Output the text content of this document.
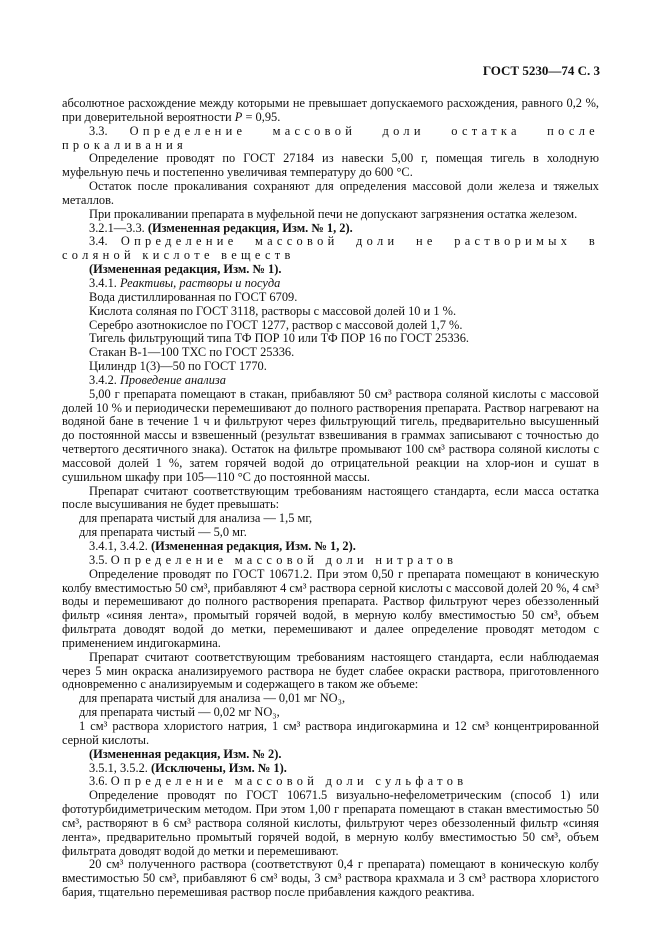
ГОСТ 5230—74 С. 3

абсолютное расхождение между которыми не превышает допускаемого расхождения, равного 0,2 %, при доверительной вероятности P = 0,95.

3.3. Определение массовой доли остатка после прокаливания

Определение проводят по ГОСТ 27184 из навески 5,00 г, помещая тигель в холодную муфельную печь и постепенно увеличивая температуру до 600 °С.

Остаток после прокаливания сохраняют для определения массовой доли железа и тяжелых металлов.

При прокаливании препарата в муфельной печи не допускают загрязнения остатка железом.

3.2.1—3.3. (Измененная редакция, Изм. № 1, 2).

3.4. Определение массовой доли не растворимых в соляной кислоте веществ

(Измененная редакция, Изм. № 1).

3.4.1. Реактивы, растворы и посуда

Вода дистиллированная по ГОСТ 6709.

Кислота соляная по ГОСТ 3118, растворы с массовой долей 10 и 1 %.

Серебро азотнокислое по ГОСТ 1277, раствор с массовой долей 1,7 %.

Тигель фильтрующий типа ТФ ПОР 10 или ТФ ПОР 16 по ГОСТ 25336.

Стакан В-1—100 ТХС по ГОСТ 25336.

Цилиндр 1(3)—50 по ГОСТ 1770.

3.4.2. Проведение анализа

5,00 г препарата помещают в стакан, прибавляют 50 см³ раствора соляной кислоты с массовой долей 10 % и периодически перемешивают до полного растворения препарата. Раствор нагревают на водяной бане в течение 1 ч и фильтруют через фильтрующий тигель, предварительно высушенный до постоянной массы и взвешенный (результат взвешивания в граммах записывают с точностью до четвертого десятичного знака). Остаток на фильтре промывают 100 см³ раствора соляной кислоты с массовой долей 1 %, затем горячей водой до отрицательной реакции на хлор-ион и сушат в сушильном шкафу при 105—110 °С до постоянной массы.

Препарат считают соответствующим требованиям настоящего стандарта, если масса остатка после высушивания не будет превышать:

для препарата чистый для анализа — 1,5 мг,

для препарата чистый — 5,0 мг.

3.4.1, 3.4.2. (Измененная редакция, Изм. № 1, 2).

3.5. Определение массовой доли нитратов

Определение проводят по ГОСТ 10671.2. При этом 0,50 г препарата помещают в коническую колбу вместимостью 50 см³, прибавляют 4 см³ раствора серной кислоты с массовой долей 20 %, 4 см³ воды и перемешивают до полного растворения препарата. Раствор фильтруют через обеззоленный фильтр «синяя лента», промытый горячей водой, в мерную колбу вместимостью 50 см³, объем фильтрата доводят водой до метки, перемешивают и далее определение проводят методом с применением индигокармина.

Препарат считают соответствующим требованиям настоящего стандарта, если наблюдаемая через 5 мин окраска анализируемого раствора не будет слабее окраски раствора, приготовленного одновременно с анализируемым и содержащего в таком же объеме:

для препарата чистый для анализа — 0,01 мг NO₃,

для препарата чистый — 0,02 мг NO₃,

1 см³ раствора хлористого натрия, 1 см³ раствора индигокармина и 12 см³ концентрированной серной кислоты.

(Измененная редакция, Изм. № 2).

3.5.1, 3.5.2. (Исключены, Изм. № 1).

3.6. Определение массовой доли сульфатов

Определение проводят по ГОСТ 10671.5 визуально-нефелометрическим (способ 1) или фототурбидиметрическим методом. При этом 1,00 г препарата помещают в стакан вместимостью 50 см³, растворяют в 6 см³ раствора соляной кислоты, фильтруют через обеззоленный фильтр «синяя лента», предварительно промытый горячей водой, в мерную колбу вместимостью 50 см³, объем фильтрата доводят водой до метки и перемешивают.

20 см³ полученного раствора (соответствуют 0,4 г препарата) помещают в коническую колбу вместимостью 50 см³, прибавляют 6 см³ воды, 3 см³ раствора крахмала и 3 см³ раствора хлористого бария, тщательно перемешивая раствор после прибавления каждого реактива.
